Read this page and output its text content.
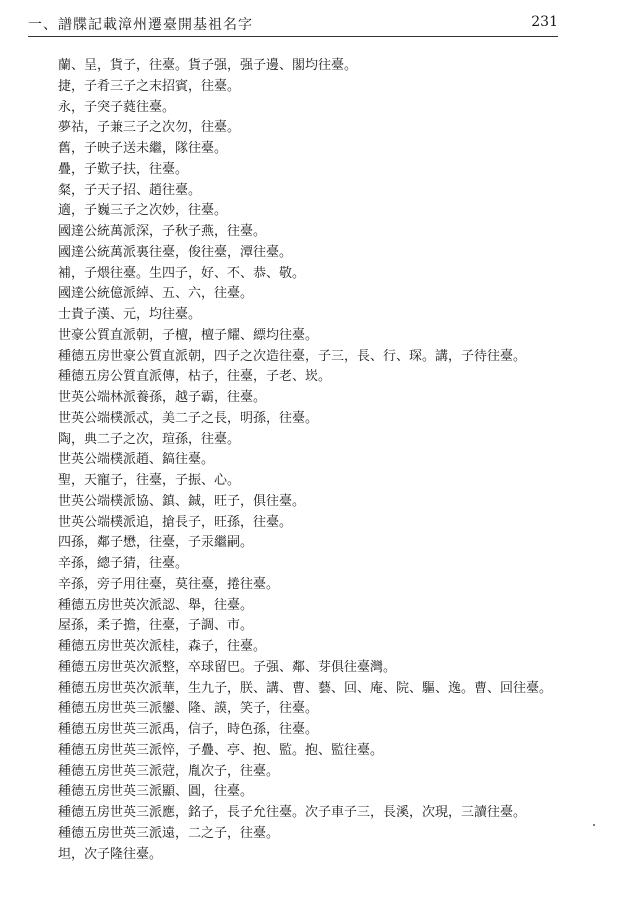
一、譜牒記載漳州遷臺開基祖名字	231
蘭、呈，貨子，往臺。貨子强，强子邊、閣均往臺。
捷，子肴三子之末招賓，往臺。
永，子突子蕤往臺。
夢祜，子兼三子之次勿，往臺。
舊，子映子送未繼，隊往臺。
疊，子歎子扶，往臺。
粲，子天子招、趙往臺。
適，子巍三子之次妙，往臺。
國達公統萬派深，子秋子燕，往臺。
國達公統萬派裏往臺，俊往臺，潭往臺。
補，子煨往臺。生四子，好、不、恭、敬。
國達公統億派綽、五、六，往臺。
士貴子漢、元，均往臺。
世豪公質直派朝，子檀，檀子耀、縹均往臺。
種德五房世豪公質直派朝，四子之次造往臺，子三，長、行、琛。講，子待往臺。
種德五房公質直派傳，枯子，往臺，子老、崁。
世英公端林派養孫，越子霸，往臺。
世英公端樸派忒，美二子之長，明孫，往臺。
陶，典二子之次，瑄孫，往臺。
世英公端樸派趙、鎬往臺。
聖，天寵子，往臺，子振、心。
世英公端樸派協、鎮、鋮，旺子，俱往臺。
世英公端樸派追，搶長子，旺孫，往臺。
四孫，鄰子懋，往臺，子汞繼嗣。
辛孫，總子猜，往臺。
辛孫，旁子用往臺，莫往臺，捲往臺。
種德五房世英次派認、舉，往臺。
屋孫，柔子擔，往臺，子調、市。
種德五房世英次派桂，森子，往臺。
種德五房世英次派整，卒球留巴。子强、鄰、芽俱往臺灣。
種德五房世英次派華，生九子，朕、講、曹、藝、回、庵、院、驅、逸。曹、回往臺。
種德五房世英三派鑾、隆、謨，笑子，往臺。
種德五房世英三派禹，信子，時色孫，往臺。
種德五房世英三派悴，子疊、亭、抱、監。抱、監往臺。
種德五房世英三派蒄，胤次子，往臺。
種德五房世英三派顯、圓，往臺。
種德五房世英三派應，銘子，長子允往臺。次子車子三，長溪，次現，三讀往臺。
種德五房世英三派遠，二之子，往臺。
坦，次子隆往臺。
